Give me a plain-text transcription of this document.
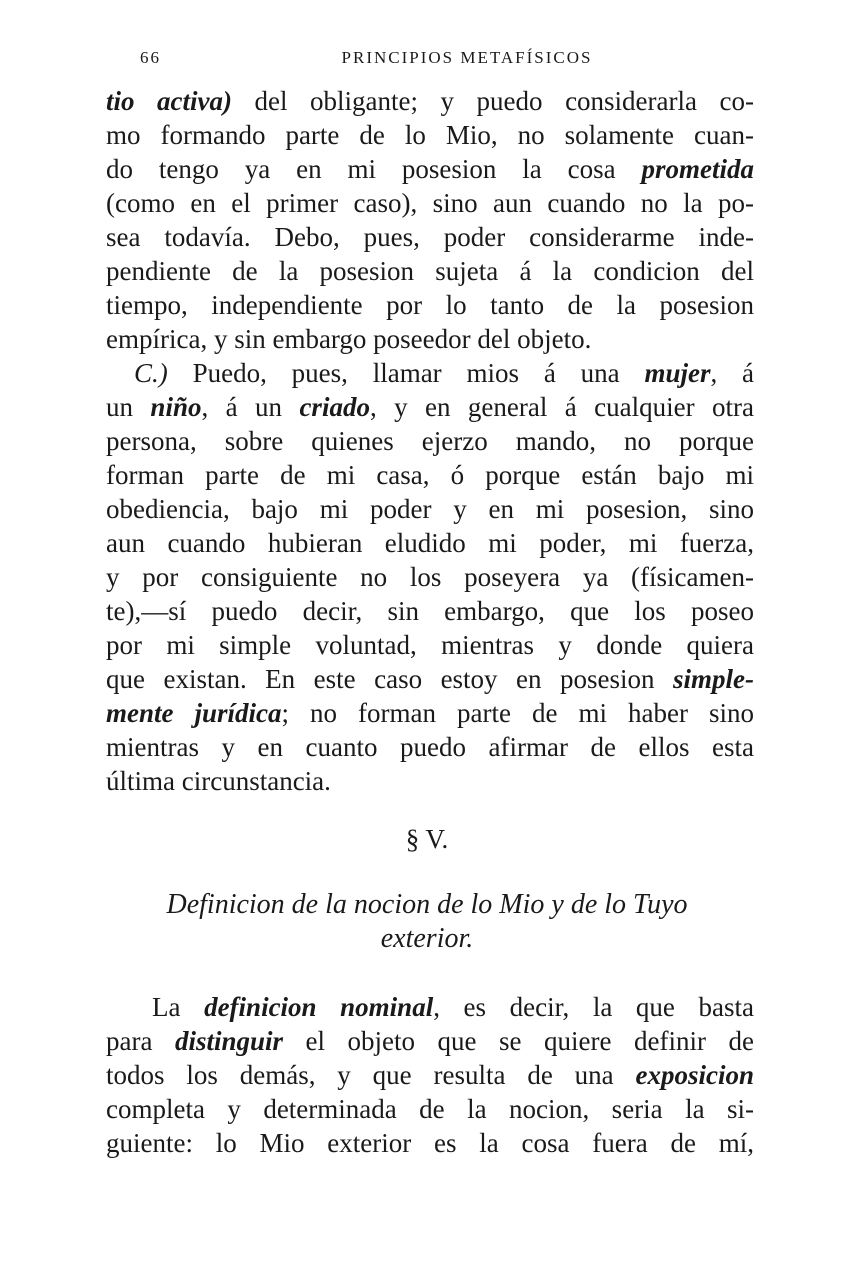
66	PRINCIPIOS METAFÍSICOS
tio activa) del obligante; y puedo considerarla co-
mo formando parte de lo Mio, no solamente cuan-
do tengo ya en mi posesion la cosa prometida
(como en el primer caso), sino aun cuando no la po-
sea todavía. Debo, pues, poder considerarme inde-
pendiente de la posesion sujeta á la condicion del
tiempo, independiente por lo tanto de la posesion
empírica, y sin embargo poseedor del objeto.
C.) Puedo, pues, llamar mios á una mujer, á
un niño, á un criado, y en general á cualquier otra
persona, sobre quienes ejerzo mando, no porque
forman parte de mi casa, ó porque están bajo mi
obediencia, bajo mi poder y en mi posesion, sino
aun cuando hubieran eludido mi poder, mi fuerza,
y por consiguiente no los poseyera ya (físicamen-
te),—sí puedo decir, sin embargo, que los poseo
por mi simple voluntad, mientras y donde quiera
que existan. En este caso estoy en posesion simple-
mente jurídica; no forman parte de mi haber sino
mientras y en cuanto puedo afirmar de ellos esta
última circunstancia.
§ V.
Definicion de la nocion de lo Mio y de lo Tuyo
exterior.
La definicion nominal, es decir, la que basta
para distinguir el objeto que se quiere definir de
todos los demás, y que resulta de una exposicion
completa y determinada de la nocion, seria la si-
guiente: lo Mio exterior es la cosa fuera de mí,
